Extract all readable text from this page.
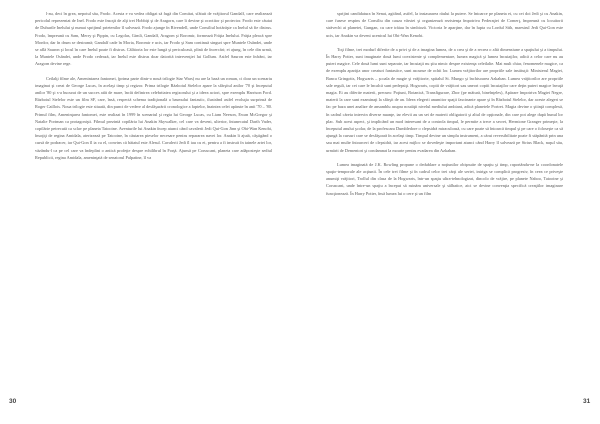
l-au, deci în grea, nepotul său, Frodo. Acesta e va vedea obligat să fugă din Comitat, sfătuit de vrăjitorul Gandalf, care realizează pericolul reprezentat de Inel. Frodo este însoţit de alţi trei Hobbiţi şi de Aragorn, care îi devine şi ocrotitor şi protector. Frodo este căutat de Duhurile Inelului şi numai sprijinul prietenilor îl salvează. Frodo ajunge în Rivendell, unde Consiliul hotărăşte ca Inelul să fie distrus. Frodo, împreună cu Sam, Merry şi Pippin, cu Legolas, Gimli, Gandalf, Aragorn şi Boromir, formează Frăţia Inelului. Frăţia pleacă spre Mordor, dar în drum se destramă; Gandalf cade în Moria, Boromir e ucis, iar Frodo şi Sam continuă singuri spre Muntele Osândei, unde se află Sauron şi locul în care Inelul poate fi distrus. Călătoria lor este lungă şi periculoasă, plină de încercări; ei ajung, în cele din urmă, la Muntele Osândei, unde Frodo cedează, iar Inelul este distrus doar datorită intervenţiei lui Gollum. Astfel Sauron este înfrânt, iar Aragorn devine rege.

Ceilalţi filme ale, Amenintarea fantomei, (prima parte dintr-o nouă trilogie Star Wars) nu are la bază un roman, ci doar un scenariu imaginat şi creat de George Lucas, în acelaşi timp şi regizor. Prima trilogie Războiul Stelelor apare la sfârşitul anilor '70 şi începutul anilor '80 şi s-a bucurat de un succes atât de mare, încât definirea celebritatea regizorului şi a ideea actori, spre exemplu Harrison Ford. Războiul Stelelor este un film SF, care, însă, respectă schema tradiţională a basmului fantastic, ilustrând astfel evoluţia surprinsă de Roger Caillois. Noua trilogie este situată, din punct de vedere al desfăşurării cronologice a faptelor, înaintea celei apărute în anii '70 – '80. Primul film, Ameninţarea fantomei, este realizat în 1999 în scenariul şi regia lui George Lucas, cu Liam Neeson, Ewan McGregor şi Natalie Portman ca protagonişti. Filmul prezintă copilăria lui Anakin Skywalker, cel care va deveni, ulterior, întunecatul Darth Vader, copilărie petrecută ca sclav pe planeta Tatooine. Aventurile lui Anakin încep atunci când cavalerii Jedi Qui-Gon Jinn şi Obi-Wan Kenobi, însoţiţi de regina Amidala, aterizează pe Tatooine, în căutarea pieselor necesare pentru repararea navei lor. Anakin îi ajută, câştigând o cursă de podracer, iar Qui-Gon îl ia cu el, convins că băiatul este Alesul. Cavalerii Jedi îl iau cu ei, pentru a fi instruit în tainele artei lor, văzându-l ca pe cel care va îndeplini o antică profeţie despre echilibrul în Forţă. Ajunsă pe Coruscant, planeta care adăposteşte sediul Republicii, regina Amidala, ameninţată de senatorul Palpatine, îl va

30

sprijini candidatura în Senat, agitând, astfel, la instaurarea răului la putere. Se întoarce pe planeta ei, cu cei doi Jedi şi cu Anakin, care fusese respins de Consiliu din cauza vârstei şi organizează rezistenţa împotriva Federaţiei de Comerţ, împreună cu locuitorii străvechi ai planetei, Gungan, cu care trăiau în simbioză. Victoria le aparţine, dar în lupta cu Lordul Sith, maestrul Jedi Qui-Gon este ucis, iar Anakin va deveni ucenicul lui Obi-Wan Kenobi.

Toţi filme, trei modurl diferite de a privi şi de a imagina lumea, de a crea şi de a recrea o altă dimensiune a spaţiului şi a timpului. În Harry Potter, sunt imaginate două lumi coexistente şi complementare, lumea magică şi lumea încuiaţilor, adică a celor care nu au puteri magice. Cele două lumi sunt separate, iar încuiaţii nu ştiu nimic despre existenţa celeilalte. Mai mult chiar, fenomenele magice, ca de exemplu apariţia unor creaturi fantastice, sunt ascunse de ochii lor. Lumea vrăjitorilor are propriile sale instituţii: Ministerul Magiei, Banca Gringotts, Hogwarts – şcoala de magie şi vrăjitorie, spitalul St. Mungo şi închisoarea Azkaban. Lumea vrăjitorilor are propriile sale reguli, iar cei care le încalcă sunt pedepsiţi. Hogwarts, copiii de vrăjitori sau uneori copiii încuiaţilor care deţin puteri magice învaţă magia. Ei au diferite materii, precum: Poţiuni, Botanică, Transfigurare, Zbor (pe mătură, bineînţeles), Apărare împotriva Magiei Negre, materii la care sunt examinaţi la sfârşit de an. Ideea elegerii anumitor spaţii fascinante apare şi în Războiul Stelelor, dar aceste alegeri se fac pe baza unei analize de ansamblu asupra noutăţii nivelul mediului ambiant, adică planetele Portret. Magia devine o ştiinţă complexă, în cadrul căreia intervin diverse nuanţe, iar elevii au un set de materii obligatorii şi altul de opţionale, din care pot alege după bunul lor plac. Sub acest aspect, şi implicând un mod interesant de a controla timpul, le permite a trece a secret, Hermione Granger primeşte, la începutul anului şcolar, de la profesoara Dumbledore o clepsidră miraculoasă, cu care poate să întoarcă timpul şi pe care o foloseşte ca să ajungă la cursuri care se desfăşoară în acelaşi timp. Timpul devine un simplu instrument, a cărui reversibilitate poate fi stăpânită prin una sau mai multe întoarceri de clepsidră, iar acest mijloc se dovedeşte important atunci când Harry îl salvează pe Sirius Black, naşul său, urmărit de Dementori şi condamnat la moarte pentru evadarea din Azkaban.

Lumea imaginată de J.K. Rowling propune o dedublare a noţiunilor obişnuite de spaţiu şi timp, raportându-ne la coordonatele spaţio-temporale ale acţiunii. În cele trei filme şi în cadrul celor trei cărţi ale seriei, intriga se complică progresiv, în ceea ce priveşte anumiţi vrăjitori, Trollul din clasa de la Hogwarts, într-un spaţiu ultra-tehnologizat, dincolo de vrăjire, pe planete Naboo, Tatooine şi Coruscant, unde între-un spaţiu a început să ruinăm universale şi sălbatice, aici se devine convenţia specifică creaţiilor imaginare funcţionează. În Harry Potter, însă lumea lui o cere şi un film

31
